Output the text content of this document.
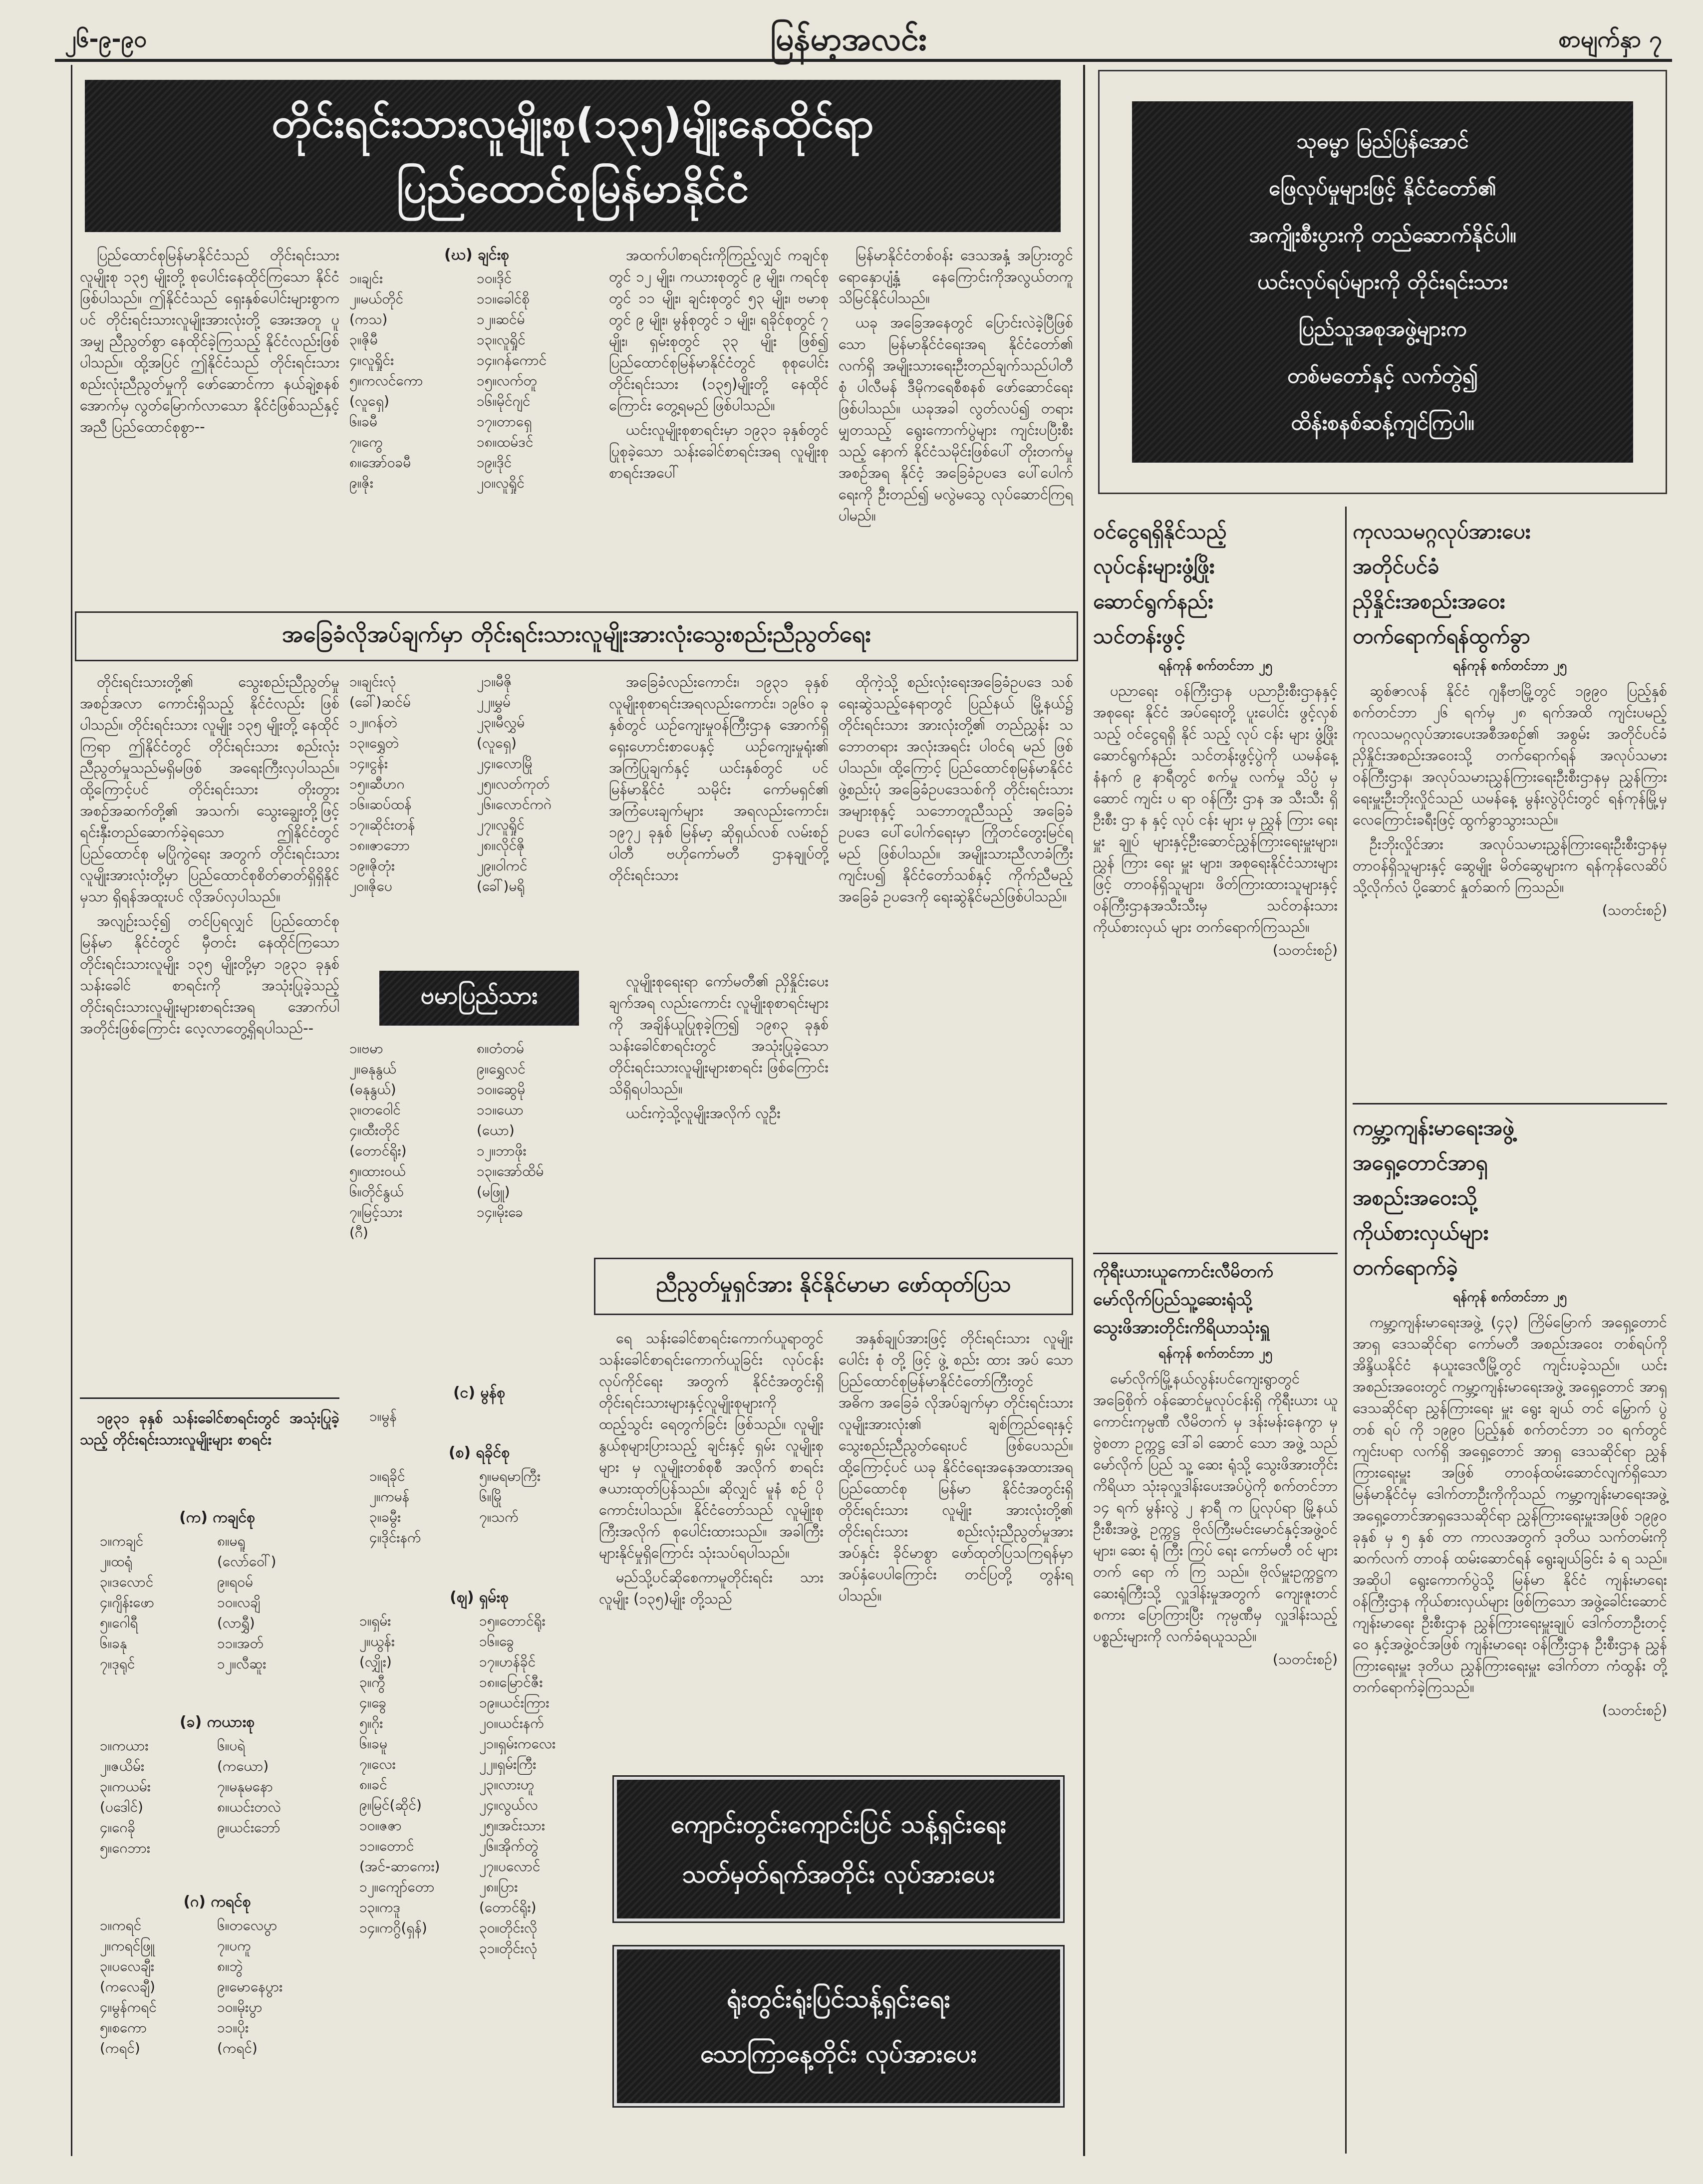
၂၆-၉-၉၀	မြန်မာ့အလင်း	စာမျက်နှာ ၇
တိုင်းရင်းသားလူမျိုးစု(၁၃၅)မျိုးနေထိုင်ရာ
ပြည်ထောင်စုမြန်မာနိုင်ငံ

ပြည်ထောင်စုမြန်မာနိုင်ငံသည် တိုင်းရင်းသားလူမျိုးစု ၁၃၅ မျိုးတို့ စုပေါင်းနေထိုင်ကြသော နိုင်ငံဖြစ်ပါသည်။ ဤနိုင်ငံသည် ရှေးနှစ်ပေါင်းများစွာကပင် တိုင်းရင်းသားလူမျိုးအားလုံးတို့ အေးအတူ ပူအမျှ ညီညွတ်စွာ နေထိုင်ခဲ့ကြသည့် နိုင်ငံလည်းဖြစ်ပါသည်။ ထို့အပြင် ဤနိုင်ငံသည် တိုင်းရင်းသားစည်းလုံးညီညွတ်မှုကို ဖော်ဆောင်ကာ နယ်ချဲ့စနစ်အောက်မှ လွတ်မြောက်လာသော နိုင်ငံဖြစ်သည်နှင့်အညီ ပြည်ထောင်စုစွာ--

(ဃ) ချင်းစု
၁။ချင်း	၁၀။ဒိုင်
၂။မယ်တိုင်	၁၁။ခေါင်စို
(ကသ)	၁၂။ဆင်မ်
၃။ဇိုမီ	၁၃။လူရှိုင်
၄။လူရှိုင်း	၁၄။ဂန်ကောင်
၅။ကလင်ကော	၁၅။လက်တူ
(လူရှေ)	၁၆။မိုင်ဂျင်
၆။ခမီ	၁၇။တာရှေ
၇။ကွေ	၁၈။ထမ်ဒင်
၈။အော်ဝခမီ	၁၉။ဒိုင်
၉။ဇိုး	၂၀။လူရှိုင်

အထက်ပါစာရင်းကိုကြည့်လျှင် ကချင်စုတွင် ၁၂ မျိုး၊ ကယားစုတွင် ၉ မျိုး၊ ကရင်စုတွင် ၁၁ မျိုး၊ ချင်းစုတွင် ၅၃ မျိုး၊ ဗမာစုတွင် ၉ မျိုး၊ မွန်စုတွင် ၁ မျိုး၊ ရခိုင်စုတွင် ၇ မျိုး၊ ရှမ်းစုတွင် ၃၃ မျိုး ဖြစ်၍ ပြည်ထောင်စုမြန်မာနိုင်ငံတွင် စုစုပေါင်း တိုင်းရင်းသား (၁၃၅)မျိုးတို့ နေထိုင်ကြောင်း တွေ့ရမည် ဖြစ်ပါသည်။

ယင်းလူမျိုးစုစာရင်းမှာ ၁၉၃၁ ခုနှစ်တွင် ပြုစုခဲ့သော သန်းခေါင်စာရင်းအရ လူမျိုးစုစာရင်းအပေါ်

မြန်မာနိုင်ငံတစ်ဝန်း ဒေသအနှံ့ အပြားတွင် ရောနှောပျံ့နှံ့ နေကြောင်းကိုအလွယ်တကူသိမြင်နိုင်ပါသည်။

ယခု အခြေအနေတွင် ပြောင်းလဲခဲ့ပြီဖြစ်သော မြန်မာနိုင်ငံရေးအရ နိုင်ငံတော်၏ လက်ရှိ အမျိုးသားရေးဦးတည်ချက်သည်ပါတီစုံ ပါလီမန် ဒီမိုကရေစီစနစ် ဖော်ဆောင်ရေးဖြစ်ပါသည်။ ယခုအခါ လွတ်လပ်၍ တရားမျှတသည့် ရွေးကောက်ပွဲများ ကျင်းပပြီးစီးသည့် နောက် နိုင်ငံသမိုင်းဖြစ်ပေါ် တိုးတက်မှုအစဉ်အရ နိုင်ငံ့ အခြေခံဥပဒေ ပေါ်ပေါက်ရေးကို ဦးတည်၍ မလွဲမသွေ လုပ်ဆောင်ကြရပါမည်။

အခြေခံလိုအပ်ချက်မှာ တိုင်းရင်းသားလူမျိုးအားလုံးသွေးစည်းညီညွတ်ရေး

တိုင်းရင်းသားတို့၏ သွေးစည်းညီညွတ်မှုအစဉ်အလာ ကောင်းရှိသည့် နိုင်ငံလည်း ဖြစ်ပါသည်။ တိုင်းရင်းသား လူမျိုး ၁၃၅ မျိုးတို့ နေထိုင်ကြရာ ဤနိုင်ငံတွင် တိုင်းရင်းသား စည်းလုံးညီညွတ်မှုသည်မရှိမဖြစ် အရေးကြီးလှပါသည်။ ထို့ကြောင့်ပင် တိုင်းရင်းသား တိုးတွား အစဉ်အဆက်တို့၏ အသက်၊ သွေးချွေးတို့ဖြင့်ရင်းနှီးတည်ဆောက်ခဲ့ရသော ဤနိုင်ငံတွင် ပြည်ထောင်စု မပြိုကွဲရေး အတွက် တိုင်းရင်းသားလူမျိုးအားလုံးတို့မှာ ပြည်ထောင်စုစိတ်ဓာတ်ရှိရှိနိုင်မှသာ ရှိရန်အထူးပင် လိုအပ်လှပါသည်။

အလျဉ်းသင့်၍ တင်ပြရလျှင် ပြည်ထောင်စု မြန်မာ နိုင်ငံတွင် မှီတင်း နေထိုင်ကြသော တိုင်းရင်းသားလူမျိုး ၁၃၅ မျိုးတို့မှာ ၁၉၃၁ ခုနှစ် သန်းခေါင် စာရင်းကို အသုံးပြုခဲ့သည့် တိုင်းရင်းသားလူမျိုးများစာရင်းအရ အောက်ပါ အတိုင်းဖြစ်ကြောင်း လေ့လာတွေ့ရှိရပါသည်--

၁၉၃၁ ခုနှစ် သန်းခေါင်စာရင်းတွင် အသုံးပြုခဲ့သည့် တိုင်းရင်းသားလူမျိုးများ စာရင်း

(က) ကချင်စု
၁။ကချင်	၈။မရူ
၂။ထရုံ	(လော်ဝေါ်)
၃။ဒလောင်	၉။ရဝမ်
၄။ဂျိန်းဖော	၁၀။လချိ
၅။ဂေါရီ	(လာရွှီ)
၆။ခနု	၁၁။အတ်
၇။ဒုရုင်	၁၂။လီဆူး
(ခ) ကယားစု
၁။ကယား	၆။ပရဲ
၂။ဇယိမ်း	(ကယော)
၃။ကယမ်း	၇။မနုမနော
(ပဒေါင်)	၈။ယင်းတလဲ
၄။ဂေခို	၉။ယင်းဘော်
၅။ဂေဘား
(ဂ) ကရင်စု
၁။ကရင်	၆။တလေပွာ
၂။ကရင်ဖြူ	၇။ပကူ
၃။ပလေချီး	၈။ဘွဲ
(ကလေချီ)	၉။မောနေပွား
၄။မွန်ကရင်	၁၀။မိုးပွာ
၅။စကော	၁၁။ပိုး
(ကရင်)	(ကရင်)
၁။ချင်းလုံ	၂၁။မီဇို
(ခေါ်)ဆင်မ်	၂၂။မွှမ်
၁၂။ဂန်တဲ	၂၃။မီလွှမ်
၁၃။ရွှေတဲ	(လူရှေ)
၁၄။ငွန်း	၂၄။လောမြို
၁၅။ဆီဟဂ	၂၅။လတ်ကုတ်
၁၆။ဆပ်ထန်	၂၆။လောင်ကဂဲ
၁၇။ဆိုင်းတန်	၂၇။လူရှိုင်
၁၈။ဇာဘော	၂၈။လိုင်ဇို
၁၉။ဇိုတုံး	၂၉။ဝါကင်
၂၀။ဇိုပေ	(ခေါ်)မရို
ဗမာပြည်သား
၁။ဗမာ	၈။တံတမ်
၂။ဓနုနွယ်	၉။ရွှေလင်
(ဓနုနွယ်)	၁၀။ဆွေမို
၃။တဝေါင်	၁၁။ယော
၄။ထီးတိုင်	(ယော)
(တောင်ရိုး)	၁၂။ဘာဖိုး
၅။ထားဝယ်	၁၃။အော်ထိမ်
၆။တိုင်နွယ်	(မဖြူ)
၇။မြင့်သား	၁၄။မိုးခေ
(ဂီ)
(င) မွန်စု
၁။မွန်
(စ) ရခိုင်စု
၁။ရခိုင်	၅။မရမာကြီး
၂။ကမန်	၆။မြို
၃။ခမွီး	၇။သက်
၄။ဒိုင်းနက်
(ဈ) ရှမ်းစု
၁။ရှမ်း	၁၅။တောင်ရိုး
၂။ယွန်း	၁၆။ခွေ
(လျှိုး)	၁၇။ဟန်ခိုင်
၃။ကွီ	၁၈။မြောင်ဇီး
၄။ခွေ	၁၉။ယင်းကြား
၅။ဂိုး	၂၀။ယင်းနက်
၆။ခမူ	၂၁။ရှမ်းကလေး
၇။လေး	၂၂။ရှမ်းကြီး
၈။ခင်	၂၃။လားဟူ
၉။မြင်(ဆိုင်)	၂၄။လွယ်လ
၁၀။ဇဇာ	၂၅။အင်းသား
၁၁။တောင်	၂၆။အိုက်တွဲ
(အင်-ဆာကေး)	၂၇။ပလောင်
၁၂။ကျော်တော	၂၈။ပြား
၁၃။ကဒူ	(တောင်ရိုး)
၁၄။ကဂွိ(ရှန်)	၃၀။တိုင်းလို
၃၁။တိုင်းလုံ

အခြေခံလည်းကောင်း၊ ၁၉၃၁ ခုနှစ် လူမျိုးစုစာရင်းအရလည်းကောင်း၊ ၁၉၆၀ ခုနှစ်တွင် ယဉ်ကျေးမှုဝန်ကြီးဌာန အောက်ရှိ ရှေးဟောင်းစာပေနှင့် ယဉ်ကျေးမှုရုံး၏ အကြံပြုချက်နှင့် ယင်းနှစ်တွင် ပင် မြန်မာနိုင်ငံ သမိုင်း ကော်မရှင်၏ အကြံပေးချက်များ အရလည်းကောင်း၊ ၁၉၇၂ ခုနှစ် မြန်မာ့ ဆိုရှယ်လစ် လမ်းစဉ်ပါတီ ဗဟိုကော်မတီ ဌာနချုပ်တို့ တိုင်းရင်းသား

လူမျိုးစုရေးရာ ကော်မတီ၏ ညှိနှိုင်းပေးချက်အရ လည်းကောင်း လူမျိုးစုစာရင်းများကို အချိန်ယူပြုစုခဲ့ကြ၍ ၁၉၈၃ ခုနှစ် သန်းခေါင်စာရင်းတွင် အသုံးပြုခဲ့သော တိုင်းရင်းသားလူမျိုးများစာရင်း ဖြစ်ကြောင်း သိရှိရပါသည်။

ယင်းကဲ့သို့လူမျိုးအလိုက် လူဦး

ထိုကဲ့သို့ စည်းလုံးရေးအခြေခံဥပဒေ သစ်ရေးဆွဲသည့်နေရာတွင် ပြည်နယ် မြို့နယ်၌ တိုင်းရင်းသား အားလုံးတို့၏ တည်ညွှန်း သ ဘောတရား အလုံးအရင်း ပါဝင်ရ မည် ဖြစ်ပါသည်။ ထို့ကြောင့် ပြည်ထောင်စုမြန်မာနိုင်ငံ ဖွဲ့စည်းပုံ အခြေခံဥပဒေသစ်ကို တိုင်းရင်းသားအများစုနှင့် သဘောတူညီသည့် အခြေခံ ဥပဒေ ပေါ်ပေါက်ရေးမှာ ကြိုတင်တွေးမြင်ရမည် ဖြစ်ပါသည်။ အမျိုးသားညီလာခံကြီး ကျင်းပ၍ နိုင်ငံတော်သစ်နှင့် ကိုက်ညီမည့် အခြေခံ ဥပဒေကို ရေးဆွဲနိုင်မည်ဖြစ်ပါသည်။

ညီညွတ်မှုရှင်အား နိုင်နိုင်မာမာ ဖော်ထုတ်ပြသ

ရေ သန်းခေါင်စာရင်းကောက်ယူရာတွင် သန်းခေါင်စာရင်းကောက်ယူခြင်း လုပ်ငန်းလုပ်ကိုင်ရေး အတွက် နိုင်ငံအတွင်းရှိ တိုင်းရင်းသားများနှင့်လူမျိုးစုများကို ထည့်သွင်း ရေတွက်ခြင်း ဖြစ်သည်။ လူမျိုးနွယ်စုများပြားသည့် ချင်းနှင့် ရှမ်း လူမျိုးစု များ မှ လူမျိုးတစ်စုစီ အလိုက် စာရင်း ဇယားထုတ်ပြန်သည်။ ဆိုလျှင် မူနံ စဉ် ပိုကောင်းပါသည်။ နိုင်ငံတော်သည် လူမျိုးစုကြီးအလိုက် စုပေါင်းထားသည်။ အခါကြီးများနိုင်မှုရှိကြောင်း သုံးသပ်ရပါသည်။

မည်သို့ပင်ဆိုစေကာမူတိုင်းရင်း သားလူမျိုး (၁၃၅)မျိုး တို့သည်

အနှစ်ချုပ်အားဖြင့် တိုင်းရင်းသား လူမျိုး ပေါင်း စုံ တို့ ဖြင့် ဖွဲ့ စည်း ထား အပ် သော ပြည်ထောင်စုမြန်မာနိုင်ငံတော်ကြီးတွင် အဓိက အခြေခံ လိုအပ်ချက်မှာ တိုင်းရင်းသားလူမျိုးအားလုံး၏ ချစ်ကြည်ရေးနှင့် သွေးစည်းညီညွတ်ရေးပင် ဖြစ်ပေသည်။ ထို့ကြောင့်ပင် ယခု နိုင်ငံရေးအနေအထားအရ ပြည်ထောင်စု မြန်မာ နိုင်ငံအတွင်းရှိ တိုင်းရင်းသား လူမျိုး အားလုံးတို့၏ တိုင်းရင်းသား စည်းလုံးညီညွတ်မှုအား အပ်နှင်း ခိုင်မာစွာ ဖော်ထုတ်ပြသကြရန်မှာ အပ်နှံပေပါကြောင်း တင်ပြတို့ တွန်းရ ပါသည်။

ကျောင်းတွင်းကျောင်းပြင် သန့်ရှင်းရေး
သတ်မှတ်ရက်အတိုင်း လုပ်အားပေး
ရုံးတွင်းရုံးပြင်သန့်ရှင်းရေး
သောကြာနေ့တိုင်း လုပ်အားပေး
သုဓမ္မာ မြည်ပြန်အောင်
ဖြေလုပ်မှုများဖြင့် နိုင်ငံတော်၏
အကျိုးစီးပွားကို တည်ဆောက်နိုင်ပါ။
ယင်းလုပ်ရပ်များကို တိုင်းရင်းသား
ပြည်သူအစုအဖွဲ့များက
တစ်မတော်နှင့် လက်တွဲ၍
ထိန်းစနစ်ဆန့်ကျင်ကြပါ။
ဝင်ငွေရရှိနိုင်သည့်
လုပ်ငန်းများဖွံ့ဖြိုး
ဆောင်ရွက်နည်း
သင်တန်းဖွင့်
ရန်ကုန် စက်တင်ဘာ ၂၅

ပညာရေး ဝန်ကြီးဌာန ပညာဦးစီးဌာနနှင့် အစုရေး နိုင်ငံ အပ်ရေးတို့ ပူးပေါင်း ဖွင့်လှစ်သည့် ဝင်ငွေရရှိ နိုင် သည့် လုပ် ငန်း များ ဖွံ့ဖြိုး ဆောင်ရွက်နည်း သင်တန်းဖွင့်ပွဲကို ယမန်နေ့ နံနက် ၉ နာရီတွင် စက်မှု လက်မှု သိပ္ပံ မှ ဆောင် ကျင်း ပ ရာ ဝန်ကြီး ဌာန အ သီးသီး ရှိ ဦးစီး ဌာ န နှင့် လုပ် ငန်း များ မှ ညွှန် ကြား ရေး မှူး ချုပ် များနှင့်ဦးဆောင်ညွှန်ကြားရေးမှူးများ၊ ညွှန် ကြား ရေး မှူး များ၊ အစုရေးနိုင်ငံသားများဖြင့် တာဝန်ရှိသူများ၊ ဖိတ်ကြားထားသူများနှင့် ဝန်ကြီးဌာနအသီးသီးမှ သင်တန်းသား ကိုယ်စားလှယ် များ တက်ရောက်ကြသည်။

(သတင်းစဉ်)
ကိုရီးယားယူကောင်းလီမိတက်
မော်လိုက်ပြည်သူ့ဆေးရုံသို့
သွေးဖိအားတိုင်းကိရိယာသုံးရှူ
ရန်ကုန် စက်တင်ဘာ ၂၅

မော်လိုက်မြို့နယ်လွန်းပင်ကျေးရွာတွင် အခြေစိုက် ဝန်ဆောင်မှုလုပ်ငန်းရှိ ကိုရီးယား ယူကောင်းကုမ္ပဏီ လီမိတက် မှ ဒန်းမန်းနေကွာ မှ ဗွဲစတာ ဥက္ကဋ္ဌ ဒေါ်ခါ ဆောင် သော အဖွဲ့ သည် မော်လိုက် ပြည် သူ့ ဆေး ရုံသို့ သွေးဖိအားတိုင်း ကိရိယာ သုံးခုလှူဒါန်းပေးအပ်ပွဲကို စက်တင်ဘာ ၁၄ ရက် မွန်းလွဲ ၂ နာရီ က ပြုလုပ်ရာ မြို့နယ်ဦးစီးအဖွဲ့ ဥက္ကဋ္ဌ ဗိုလ်ကြီးမင်းမောင်နှင့်အဖွဲ့ဝင်များ၊ ဆေး ရုံ ကြီး ကြပ် ရေး ကော်မတီ ဝင် များ တက် ရော က် ကြ သည်။ ဗိုလ်မှူးဥက္ကဋ္ဌက ဆေးရုံကြီးသို့ လှူဒါန်းမှုအတွက် ကျေးဇူးတင်စကား ပြောကြားပြီး ကုမ္ပဏီမှ လှူဒါန်းသည့် ပစ္စည်းများကို လက်ခံရယူသည်။

(သတင်းစဉ်)
ကုလသမဂ္ဂလုပ်အားပေး
အတိုင်ပင်ခံ
ညှိနှိုင်းအစည်းအဝေး
တက်ရောက်ရန်ထွက်ခွာ
ရန်ကုန် စက်တင်ဘာ ၂၅

ဆွစ်ဇာလန် နိုင်ငံ ဂျနီဗာမြို့တွင် ၁၉၉၀ ပြည့်နှစ် စက်တင်ဘာ ၂၆ ရက်မှ ၂၈ ရက်အထိ ကျင်းပမည့် ကုလသမဂ္ဂလုပ်အားပေးအစီအစဉ်၏ အစွမ်း အတိုင်ပင်ခံ ညှိနှိုင်းအစည်းအဝေးသို့ တက်ရောက်ရန် အလုပ်သမားဝန်ကြီးဌာန၊ အလုပ်သမားညွှန်ကြားရေးဦးစီးဌာနမှ ညွှန်ကြားရေးမှူးဦးဘိုးလှိုင်သည် ယမန်နေ့ မွန်းလွဲပိုင်းတွင် ရန်ကုန်မြို့မှ လေကြောင်းခရီးဖြင့် ထွက်ခွာသွားသည်။

ဦးဘိုးလှိုင်အား အလုပ်သမားညွှန်ကြားရေးဦးစီးဌာနမှ တာဝန်ရှိသူများနှင့် ဆွေမျိုး မိတ်ဆွေများက ရန်ကုန်လေဆိပ်သို့လိုက်လံ ပို့ဆောင် နှုတ်ဆက် ကြသည်။

(သတင်းစဉ်)
ကမ္ဘာ့ကျန်းမာရေးအဖွဲ့
အရှေ့တောင်အာရှ
အစည်းအဝေးသို့
ကိုယ်စားလှယ်များ
တက်ရောက်ခဲ့
ရန်ကုန် စက်တင်ဘာ ၂၅

ကမ္ဘာ့ကျန်းမာရေးအဖွဲ့ (၄၃) ကြိမ်မြောက် အရှေ့တောင်အာရှ ဒေသဆိုင်ရာ ကော်မတီ အစည်းအဝေး တစ်ရပ်ကို အိန္ဒိယနိုင်ငံ နယူးဒေလီမြို့တွင် ကျင်းပခဲ့သည်။ ယင်း အစည်းအဝေးတွင် ကမ္ဘာ့ကျန်းမာရေးအဖွဲ့ အရှေ့တောင် အာရှ ဒေသဆိုင်ရာ ညွှန်ကြားရေး မှူး ရွေး ချယ် တင် မြှောက် ပွဲ တစ် ရပ် ကို ၁၉၉၀ ပြည့်နှစ် စက်တင်ဘာ ၁၀ ရက်တွင် ကျင်းပရာ လက်ရှိ အရှေ့တောင် အာရှ ဒေသဆိုင်ရာ ညွှန်ကြားရေးမှူး အဖြစ် တာဝန်ထမ်းဆောင်လျက်ရှိသော မြန်မာနိုင်ငံမှ ဒေါက်တာဦးကိုကိုသည် ကမ္ဘာ့ကျန်းမာရေးအဖွဲ့ အရှေ့တောင်အာရှဒေသဆိုင်ရာ ညွှန်ကြားရေးမှူးအဖြစ် ၁၉၉၀ ခုနှစ် မှ ၅ နှစ် တာ ကာလအတွက် ဒုတိယ သက်တမ်းကို ဆက်လက် တာဝန် ထမ်းဆောင်ရန် ရွေးချယ်ခြင်း ခံ ရ သည်။ အဆိုပါ ရွေးကောက်ပွဲသို့ မြန်မာ နိုင်ငံ ကျန်းမာရေးဝန်ကြီးဌာန ကိုယ်စားလှယ်များ ဖြစ်ကြသော အဖွဲ့ခေါင်းဆောင် ကျန်းမာရေး ဦးစီးဌာန ညွှန်ကြားရေးမှူးချုပ် ဒေါက်တာဦးတင့်ဝေ နှင့်အဖွဲ့ဝင်အဖြစ် ကျန်းမာရေး ဝန်ကြီးဌာန ဦးစီးဌာန ညွှန်ကြားရေးမှူး ဒုတိယ ညွှန်ကြားရေးမှူး ဒေါက်တာ ကံထွန်း တို့ တက်ရောက်ခဲ့ကြသည်။

(သတင်းစဉ်)
